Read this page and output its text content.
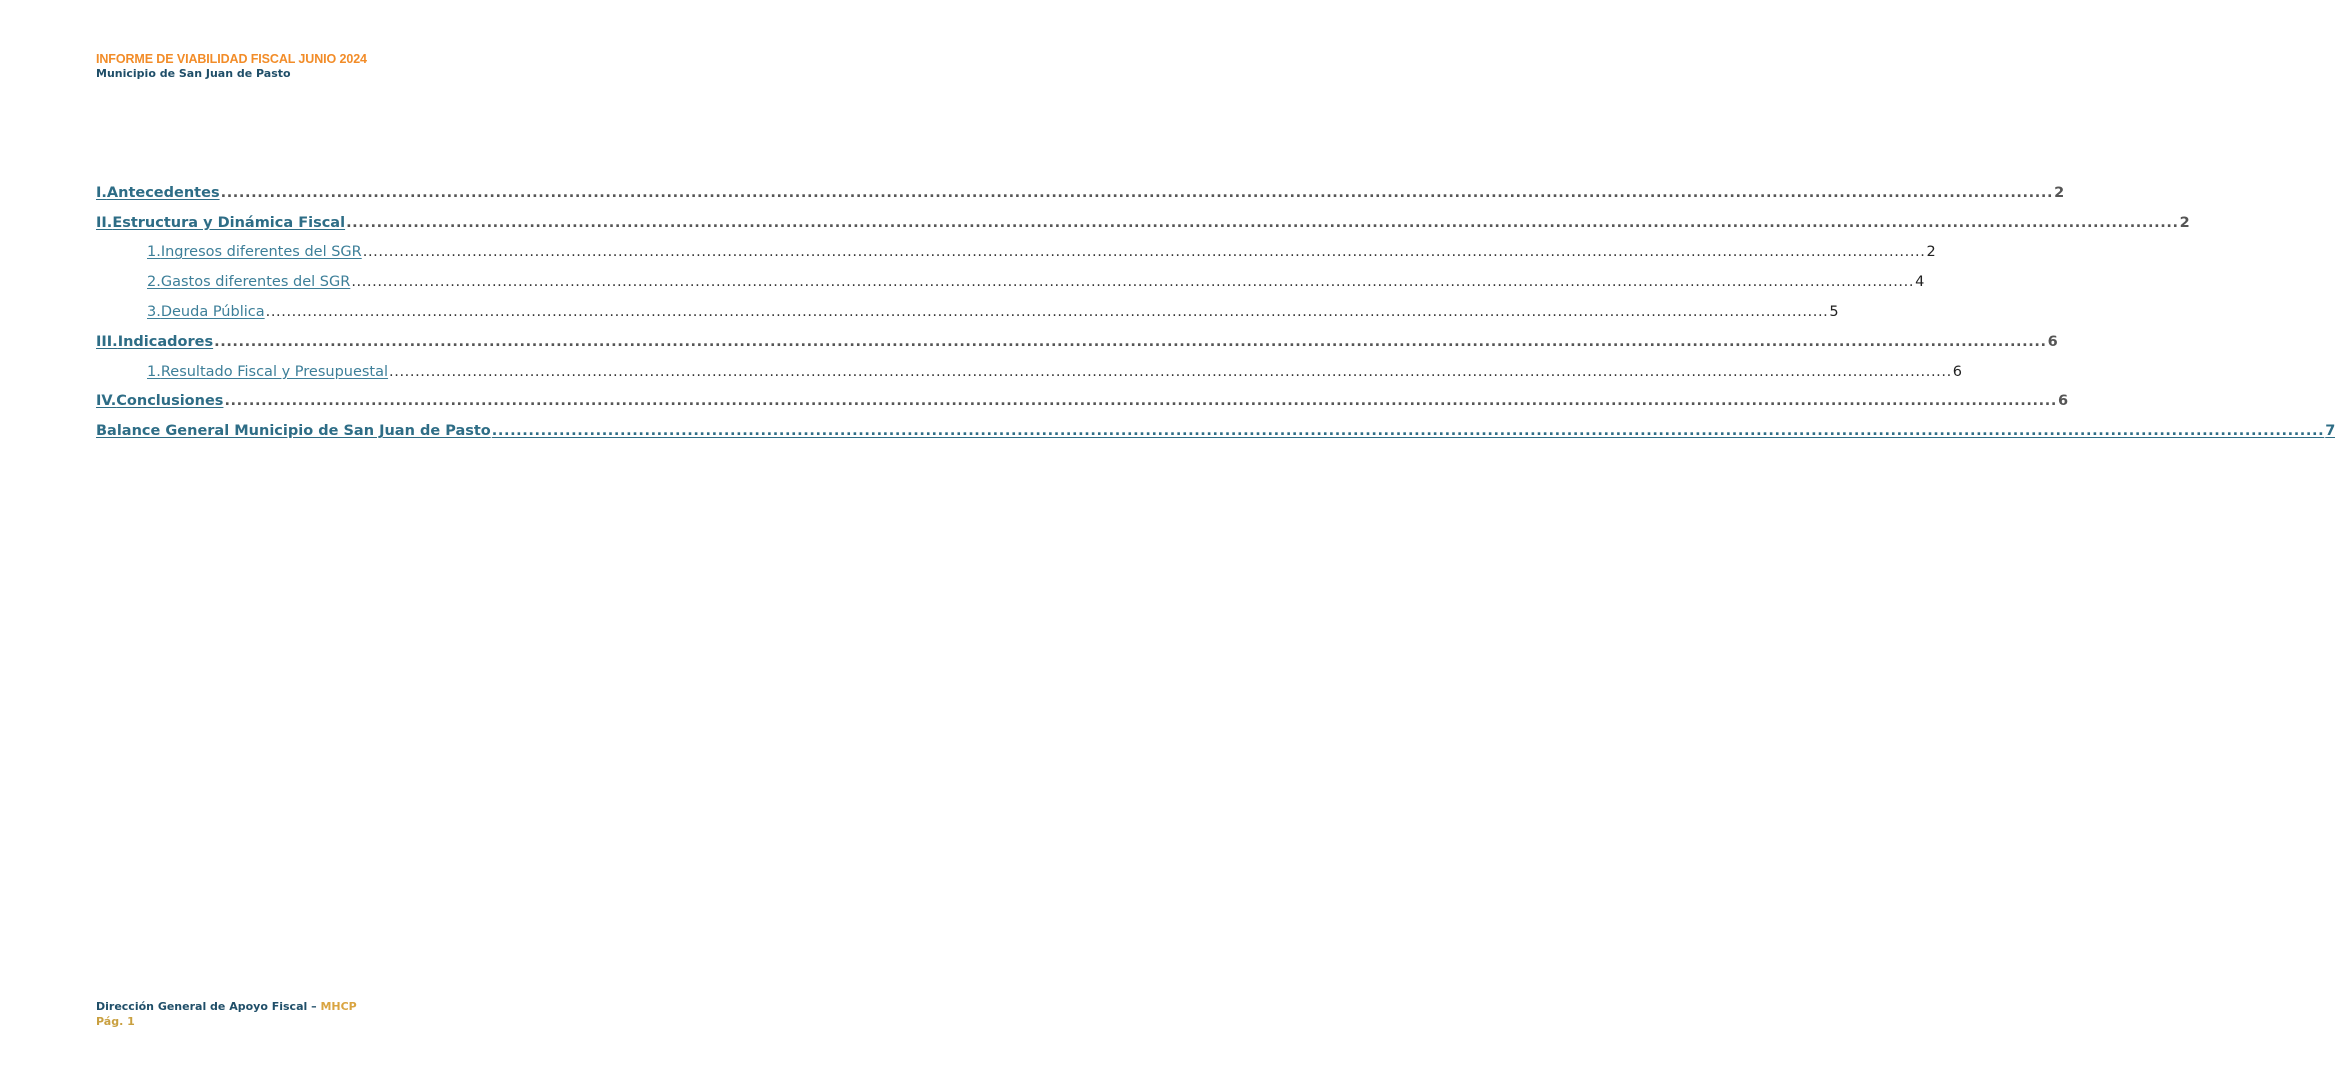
INFORME DE VIABILIDAD FISCAL JUNIO 2024
Municipio de San Juan de Pasto
I. Antecedentes ............................................................................................................................................................................................................................................................................................................ 2
II. Estructura y Dinámica Fiscal ............................................................................................................................................................................................................................................................................................................ 2
1. Ingresos diferentes del SGR ............................................................................................................................................................................................................................................................................................................ 2
2. Gastos diferentes del SGR ............................................................................................................................................................................................................................................................................................................ 4
3. Deuda Pública ............................................................................................................................................................................................................................................................................................................ 5
III. Indicadores ............................................................................................................................................................................................................................................................................................................ 6
1. Resultado Fiscal y Presupuestal ............................................................................................................................................................................................................................................................................................................ 6
IV. Conclusiones ............................................................................................................................................................................................................................................................................................................ 6
Balance General Municipio de San Juan de Pasto ............................................................................................................................................................................................................................................................................................................ 7
Dirección General de Apoyo Fiscal – MHCP
Pág. 1
